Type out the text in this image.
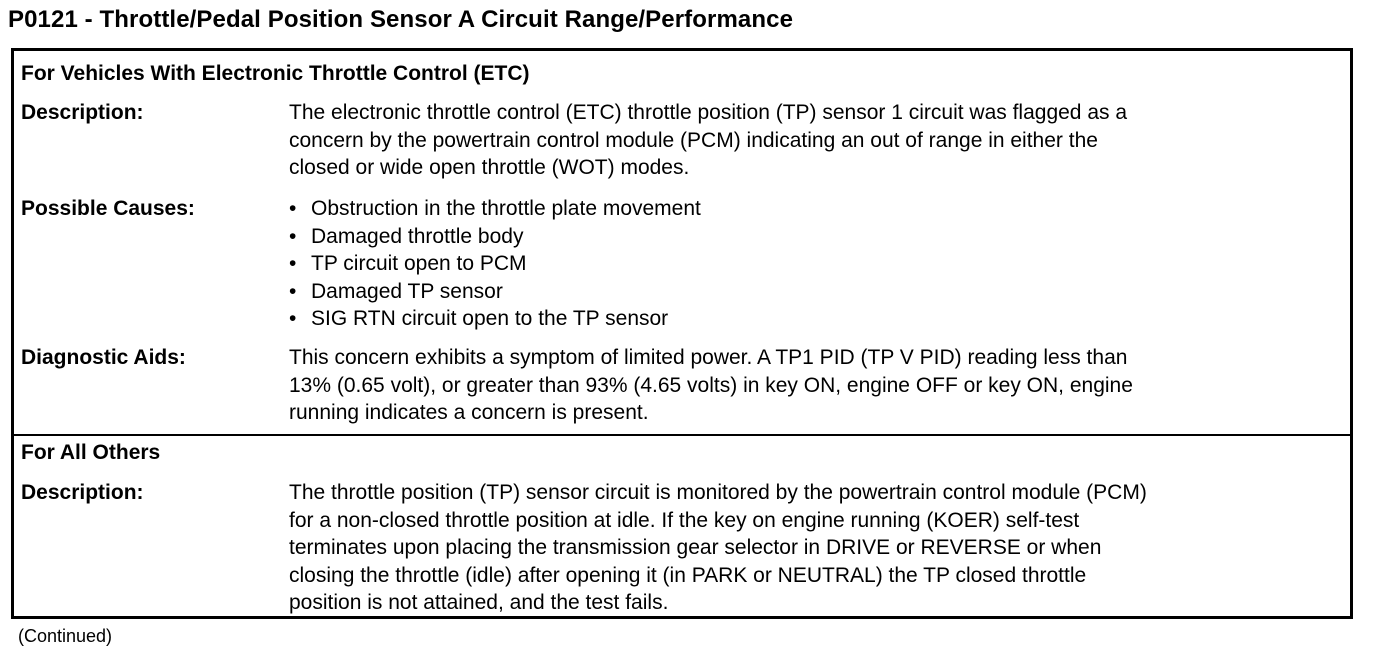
P0121 - Throttle/Pedal Position Sensor A Circuit Range/Performance
For Vehicles With Electronic Throttle Control (ETC)
Description:	The electronic throttle control (ETC) throttle position (TP) sensor 1 circuit was flagged as a
concern by the powertrain control module (PCM) indicating an out of range in either the
closed or wide open throttle (WOT) modes.
Possible Causes:
•	Obstruction in the throttle plate movement
• Damaged throttle body
• TP circuit open to PCM
• Damaged TP sensor
• SIG RTN circuit open to the TP sensor
Diagnostic Aids:	This concern exhibits a symptom of limited power. A TP1 PID (TP V PID) reading less than
13% (0.65 volt), or greater than 93% (4.65 volts) in key ON, engine OFF or key ON, engine
running indicates a concern is present.
For All Others
Description:	The throttle position (TP) sensor circuit is monitored by the powertrain control module (PCM)
for a non-closed throttle position at idle. If the key on engine running (KOER) self-test
terminates upon placing the transmission gear selector in DRIVE or REVERSE or when
closing the throttle (idle) after opening it (in PARK or NEUTRAL) the TP closed throttle
position is not attained, and the test fails.
(Continued)
